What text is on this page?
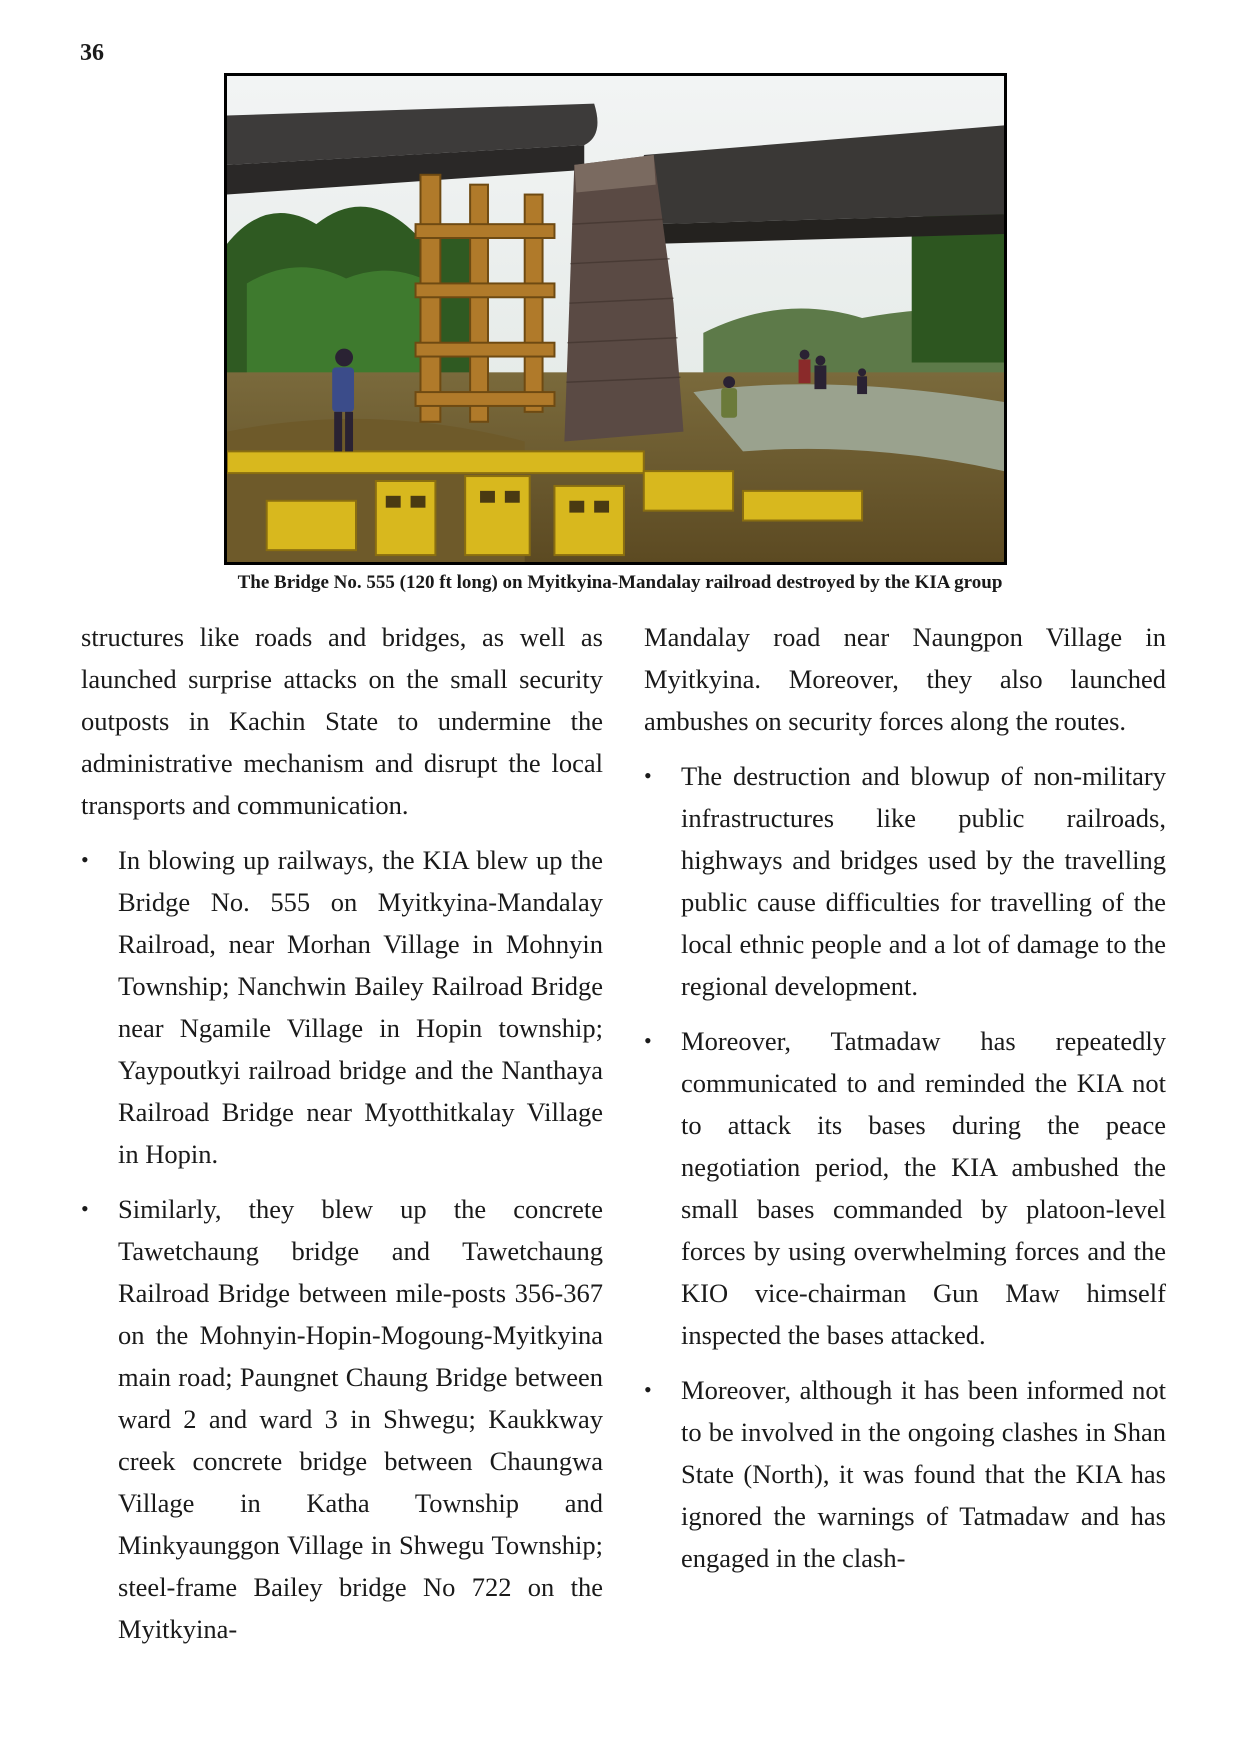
36
The Bridge No. 555 (120 ft long) on Myitkyina-Mandalay railroad destroyed by the KIA group

structures like roads and bridges, as well as launched surprise attacks on the small security outposts in Kachin State to undermine the administrative mechanism and disrupt the local transports and communication.

• In blowing up railways, the KIA blew up the Bridge No. 555 on Myitkyina-Mandalay Railroad, near Morhan Village in Mohnyin Township; Nanchwin Bailey Railroad Bridge near Ngamile Village in Hopin township; Yaypoutkyi railroad bridge and the Nanthaya Railroad Bridge near Myotthitkalay Village in Hopin.
• Similarly, they blew up the concrete Tawetchaung bridge and Tawetchaung Railroad Bridge between mile-posts 356-367 on the Mohnyin-Hopin-Mogoung-Myitkyina main road; Paungnet Chaung Bridge between ward 2 and ward 3 in Shwegu; Kaukkway creek concrete bridge between Chaungwa Village in Katha Township and Minkyaunggon Village in Shwegu Township; steel-frame Bailey bridge No 722 on the Myitkyina-

Mandalay road near Naungpon Village in Myitkyina. Moreover, they also launched ambushes on security forces along the routes.

• The destruction and blowup of non-military infrastructures like public railroads, highways and bridges used by the travelling public cause difficulties for travelling of the local ethnic people and a lot of damage to the regional development.
• Moreover, Tatmadaw has repeatedly communicated to and reminded the KIA not to attack its bases during the peace negotiation period, the KIA ambushed the small bases commanded by platoon-level forces by using overwhelming forces and the KIO vice-chairman Gun Maw himself inspected the bases attacked.
• Moreover, although it has been informed not to be involved in the ongoing clashes in Shan State (North), it was found that the KIA has ignored the warnings of Tatmadaw and has engaged in the clash-
